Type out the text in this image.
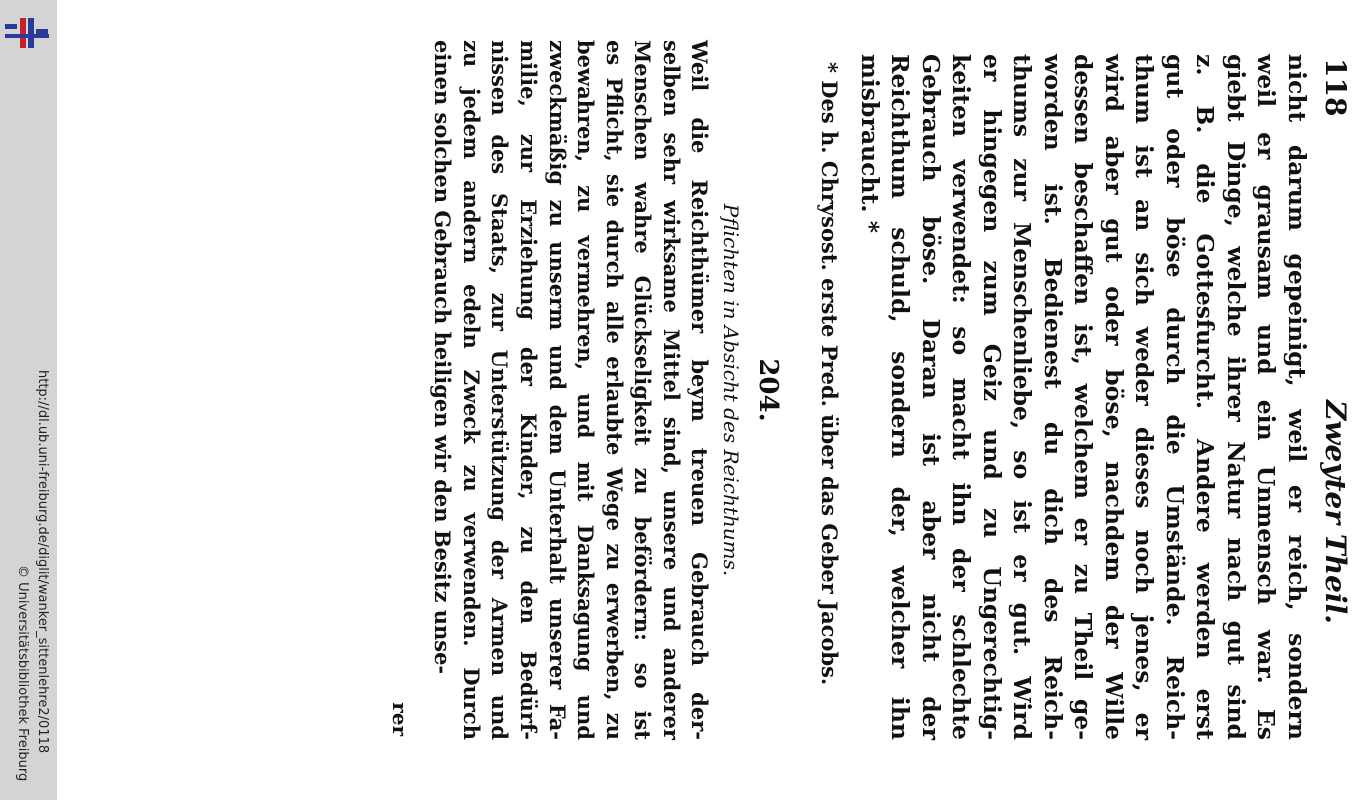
http://dl.ub.uni-freiburg.de/diglit/wanker_sittenlehre2/0118
© Universitätsbibliothek Freiburg
118
Zweyter Theil.
nicht darum gepeinigt, weil er reich, sondern
weil er grausam und ein Unmensch war. Es
giebt Dinge, welche ihrer Natur nach gut sind
z. B. die Gottesfurcht. Andere werden erst
gut oder böse durch die Umstände. Reich-
thum ist an sich weder dieses noch jenes, er
wird aber gut oder böse, nachdem der Wille
dessen beschaffen ist, welchem er zu Theil ge-
worden ist. Bedienest du dich des Reich-
thums zur Menschenliebe, so ist er gut. Wird
er hingegen zum Geiz und zu Ungerechtig-
keiten verwendet: so macht ihn der schlechte
Gebrauch böse. Daran ist aber nicht der
Reichthum schuld, sondern der, welcher ihn
misbraucht. *
* Des h. Chrysost. erste Pred. über das Geber Jacobs.
204.
Pflichten in Absicht des Reichthums.
Weil die Reichthümer beym treuen Gebrauch der-
selben sehr wirksame Mittel sind, unsere und anderer
Menschen wahre Glückseligkeit zu befördern: so ist
es Pflicht, sie durch alle erlaubte Wege zu erwerben, zu
bewahren, zu vermehren, und mit Danksagung und
zweckmäßig zu unserm und dem Unterhalt unserer Fa-
milie, zur Erziehung der Kinder, zu den Bedürf-
nissen des Staats, zur Unterstützung der Armen und
zu jedem andern edeln Zweck zu verwenden. Durch
einen solchen Gebrauch heiligen wir den Besitz unse-
rer
